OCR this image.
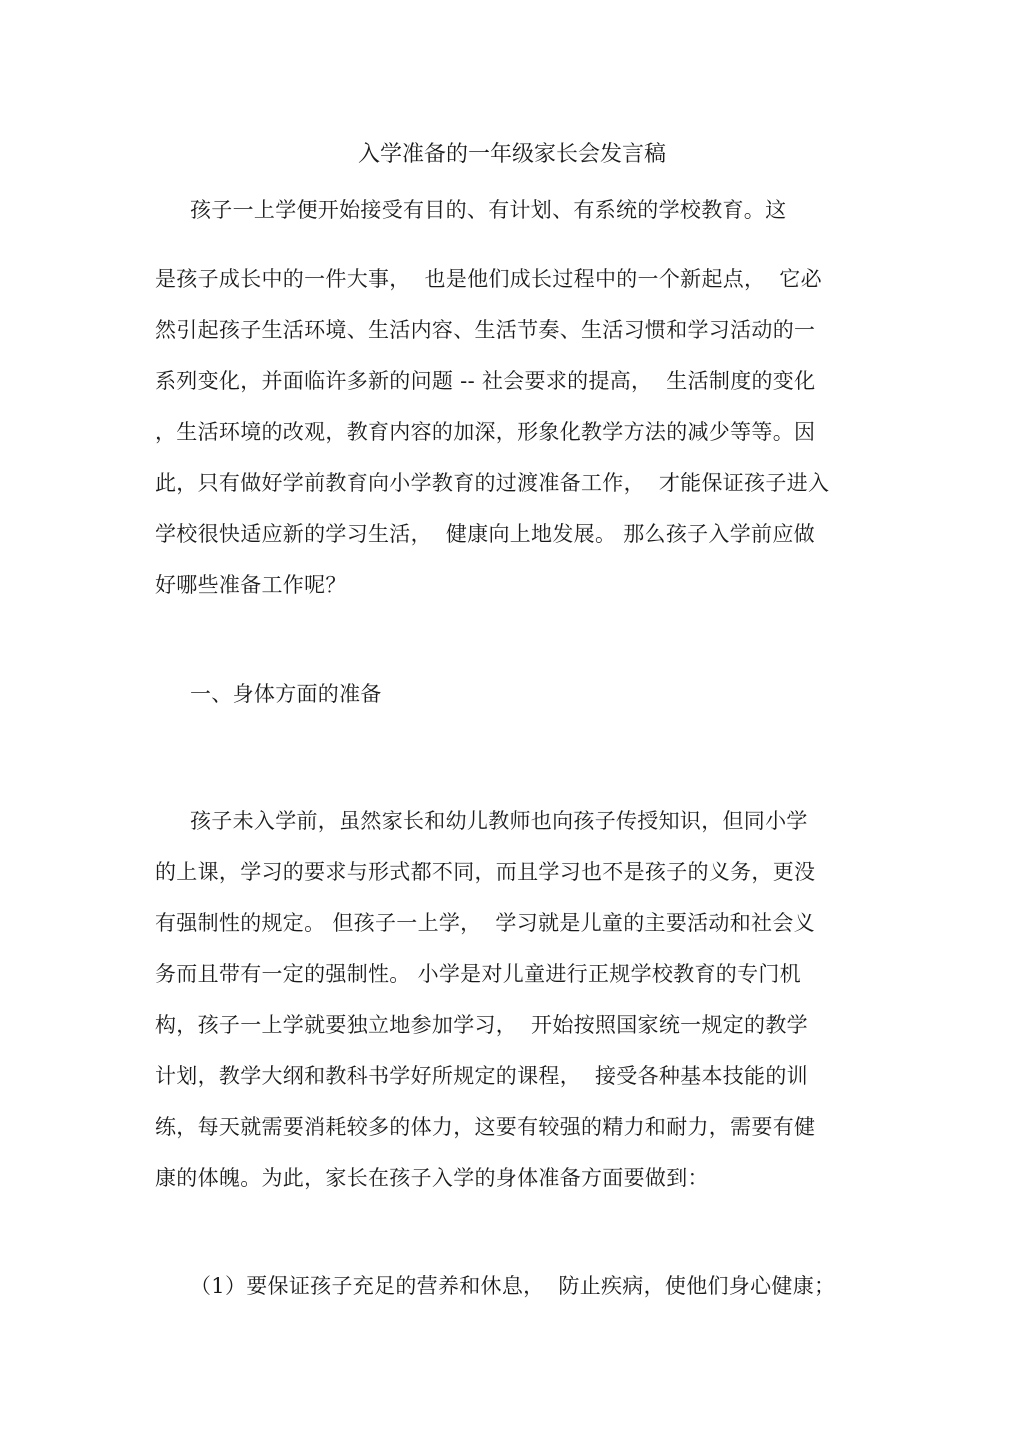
入学准备的一年级家长会发言稿
孩子一上学便开始接受有目的、有计划、有系统的学校教育。这
是孩子成长中的一件大事，  也是他们成长过程中的一个新起点，  它必
然引起孩子生活环境、生活内容、生活节奏、生活习惯和学习活动的一
系列变化，并面临许多新的问题 -- 社会要求的提高，  生活制度的变化
，生活环境的改观，教育内容的加深，形象化教学方法的减少等等。因
此，只有做好学前教育向小学教育的过渡准备工作，  才能保证孩子进入
学校很快适应新的学习生活，  健康向上地发展。 那么孩子入学前应做
好哪些准备工作呢？
一、身体方面的准备
孩子未入学前，虽然家长和幼儿教师也向孩子传授知识，但同小学
的上课，学习的要求与形式都不同，而且学习也不是孩子的义务，更没
有强制性的规定。 但孩子一上学，  学习就是儿童的主要活动和社会义
务而且带有一定的强制性。 小学是对儿童进行正规学校教育的专门机
构，孩子一上学就要独立地参加学习，  开始按照国家统一规定的教学
计划，教学大纲和教科书学好所规定的课程，  接受各种基本技能的训
练，每天就需要消耗较多的体力，这要有较强的精力和耐力，需要有健
康的体魄。为此，家长在孩子入学的身体准备方面要做到：
（1）要保证孩子充足的营养和休息，  防止疾病，使他们身心健康；
